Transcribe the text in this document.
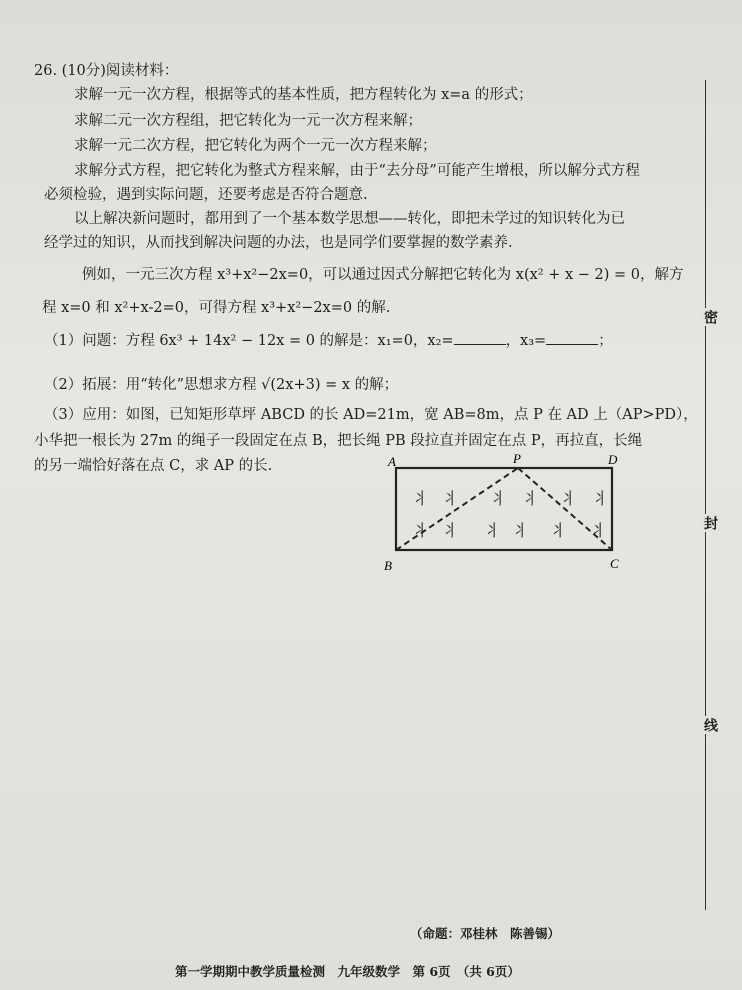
26. (10分)阅读材料：
求解一元一次方程，根据等式的基本性质，把方程转化为 x=a 的形式；
求解二元一次方程组，把它转化为一元一次方程来解；
求解一元二次方程，把它转化为两个一元一次方程来解；
求解分式方程，把它转化为整式方程来解，由于“去分母”可能产生增根，所以解分式方程
必须检验，遇到实际问题，还要考虑是否符合题意.
以上解决新问题时，都用到了一个基本数学思想——转化，即把未学过的知识转化为已
经学过的知识，从而找到解决问题的办法，也是同学们要掌握的数学素养.
例如，一元三次方程 x³+x²−2x=0，可以通过因式分解把它转化为 x(x² + x − 2) = 0，解方
程 x=0 和 x²+x-2=0，可得方程 x³+x²−2x=0 的解.
（1）问题：方程 6x³ + 14x² − 12x = 0 的解是：x₁=0，x₂=	，x₃=	；
（2）拓展：用“转化”思想求方程 √(2x+3) = x 的解；
（3）应用：如图，已知矩形草坪 ABCD 的长 AD=21m，宽 AB=8m，点 P 在 AD 上（AP>PD），
小华把一根长为 27m 的绳子一段固定在点 B，把长绳 PB 段拉直并固定在点 P，再拉直，长绳
的另一端恰好落在点 C，求 AP 的长.
⺦ ⺦ ⺦ ⺦ ⺦ ⺦
⺦ ⺦ ⺦ ⺦ ⺦ ⺦
A	P	D
B	C
密
封
线
（命题：邓桂林　陈善锡）
第一学期期中教学质量检测　九年级数学　第 6页　（共 6页）
